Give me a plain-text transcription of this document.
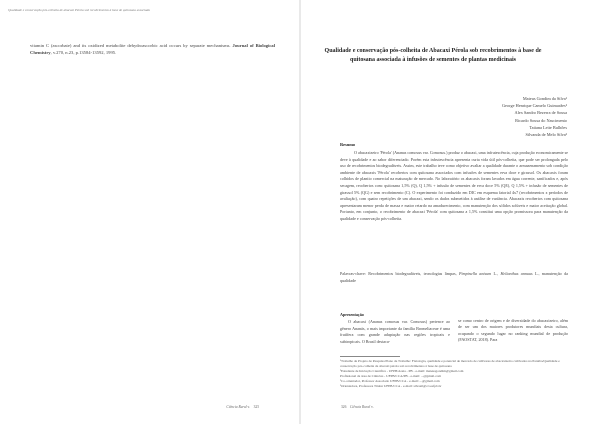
Qualidade e conservação pós-colheita de abacaxi Pérola sob recobrimentos à base de quitosana associada
vitamin C (ascorbate) and its oxidized metabolite dehydroascorbic acid occurs by separate mechanisms. Journal of Biological Chemistry, v.270, n.23, p.13584-13592, 1995.
Ciência Rural v. 325
Qualidade e conservação pós-colheita de Abacaxi Pérola sob recobrimentos à base de quitosana associada à infusões de sementes de plantas medicinais
Mateus Gondim da Silva¹
George Henrique Camelo Guimarães²
Alex Sandro Bezerra de Sousa
Ricardo Sousa do Nascimento
Tatiana Leite Bulhões
Silvanda de Melo Silva³
Resumo
O abacaxizeiro 'Pérola' (Ananas comosus var. Comosus.) produz o abacaxi, uma infrutescência, cuja produção economicamente se deve à qualidade e ao sabor diferenciado. Porém esta infrutescência apresenta curta vida útil pós-colheita, que pode ser prolongada pelo uso de recobrimentos biodegradáveis. Assim, este trabalho teve como objetivo avaliar a qualidade durante o armazenamento sob condição ambiente de abacaxis 'Pérola' recobertos com quitosana associados com infusões de sementes erva doce e girassol. Os abacaxis foram colhidos de plantio comercial na maturação de mercado. No laboratório os abacaxis foram lavados em água corrente, sanificados e, após secagem, recobertos com: quitosana 1,5% (Q), Q 1,5% + infusão de sementes de erva doce 5% (QE), Q 1,5% + infusão de sementes de girassol 5% (QG) e sem recobrimento (C). O experimento foi conduzido em DIC em esquema fatorial 4x7 (recobrimentos x períodos de avaliação), com quatro repetições de um abacaxi, sendo os dados submetidos à análise de variância. Abacaxis recobertos com quitosana apresentaram menor perda de massa e maior retardo na amadurecimento, com manutenção dos sólidos solúveis e maior aceitação global. Portanto, em conjunto, o recobrimento de abacaxi 'Pérola' com quitosana a 1,5% constitui uma opção promissora para manutenção da qualidade e conservação pós-colheita.
Palavras-chave: Recobrimentos biodegradáveis, tecnologias limpas, Pimpinella anisum L., Helianthus annuus L., manutenção da qualidade
Apresentação
O abacaxi (Ananas comosus var. Comosus) pertence ao gênero Ananás, o mais importante da família Bromeliaceae é uma frutífera com grande adaptação nas regiões tropicais e subtropicais. O Brasil destaca-
se como centro de origem e de diversidade do abacaxizeiro, além de ser um dos maiores produtores mundiais desta cultura, ocupando o segundo lugar no ranking mundial de produção (FAOSTAT, 2018). Para
¹Trabalho de Projeto de Pesquisa Plano de Trabalho: Fisiologia, qualidade e potencial de mercado de cultivares de abacaxizeiro cultivados na Paraíba/Qualidade e conservação pós-colheita de abacaxi pérola sob recobrimentos à base de quitosana
²Estudante de Iniciação Científica - UFPB/Areia - PB - e-mail: mateusgondim@gmail.com
Profissional da área de Ciências - UFPB/CCA/PB - e-mail: ...@gmail.com
²Co-orientador, Professor Associado UFPB/CCA - e-mail: ...@gmail.com
³Orientadora, Professora Titular UFPB/CCA - e-mail: silvasil@cca.ufpb.br
326 Ciência Rural v.
